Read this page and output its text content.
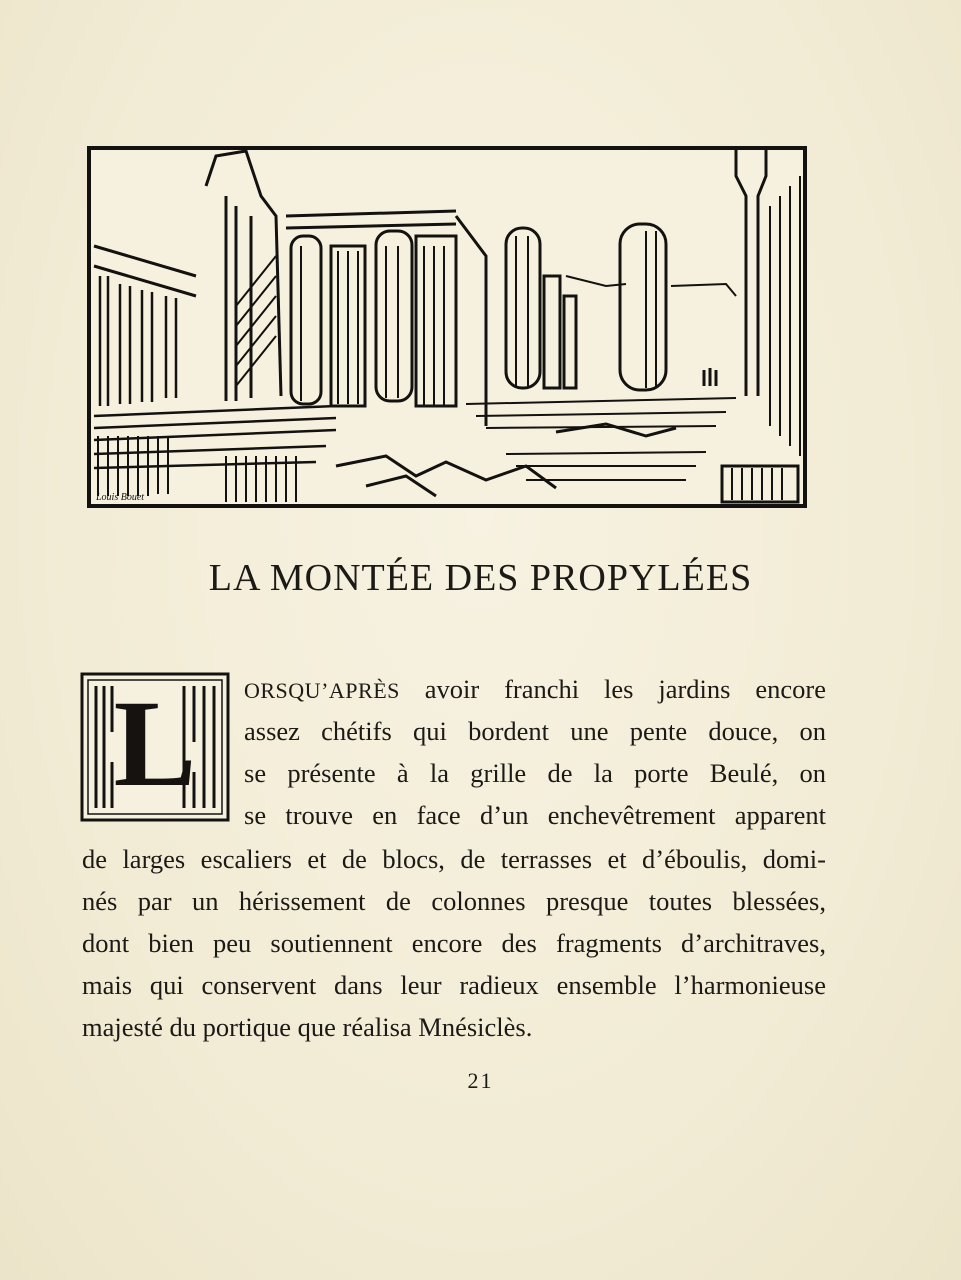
Louis Bouet
LA MONTÉE DES PROPYLÉES
L	ORSQU’APRÈS avoir franchi les jardins encore
assez chétifs qui bordent une pente douce, on
se présente à la grille de la porte Beulé, on
se trouve en face d’un enchevêtrement apparent
de larges escaliers et de blocs, de terrasses et d’éboulis, domi-
nés par un hérissement de colonnes presque toutes blessées,
dont bien peu soutiennent encore des fragments d’architraves,
mais qui conservent dans leur radieux ensemble l’harmonieuse
majesté du portique que réalisa Mnésiclès.
21
